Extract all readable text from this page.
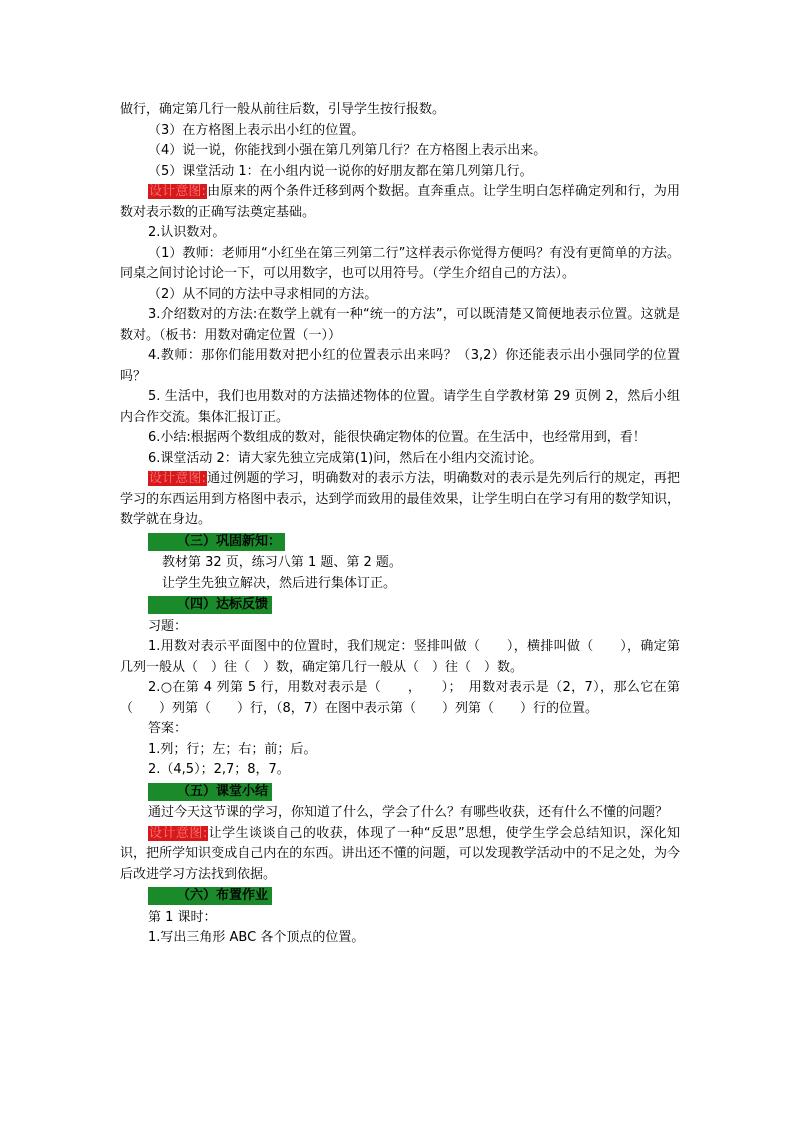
做行，确定第几行一般从前往后数，引导学生按行报数。

（3）在方格图上表示出小红的位置。

（4）说一说，你能找到小强在第几列第几行？在方格图上表示出来。

（5）课堂活动 1：在小组内说一说你的好朋友都在第几列第几行。

设计意图:由原来的两个条件迁移到两个数据。直奔重点。让学生明白怎样确定列和行，为用数对表示数的正确写法奠定基础。

2.认识数对。

（1）教师：老师用“小红坐在第三列第二行”这样表示你觉得方便吗？有没有更简单的方法。同桌之间讨论讨论一下，可以用数字，也可以用符号。（学生介绍自己的方法）。

（2）从不同的方法中寻求相同的方法。

3.介绍数对的方法:在数学上就有一种“统一的方法”，可以既清楚又简便地表示位置。这就是数对。（板书：用数对确定位置（一））

4.教师：那你们能用数对把小红的位置表示出来吗？（3,2）你还能表示出小强同学的位置吗？

5. 生活中，我们也用数对的方法描述物体的位置。请学生自学教材第 29 页例 2，然后小组内合作交流。集体汇报订正。

6.小结:根据两个数组成的数对，能很快确定物体的位置。在生活中，也经常用到，看！

6.课堂活动 2：请大家先独立完成第(1)问，然后在小组内交流讨论。

设计意图:通过例题的学习，明确数对的表示方法，明确数对的表示是先列后行的规定，再把学习的东西运用到方格图中表示，达到学而致用的最佳效果，让学生明白在学习有用的数学知识，数学就在身边。

（三）巩固新知：

教材第 32 页，练习八第 1 题、第 2 题。

让学生先独立解决，然后进行集体订正。

（四）达标反馈

习题：

1.用数对表示平面图中的位置时，我们规定：竖排叫做（　　），横排叫做（　　），确定第几列一般从（　）往（　）数，确定第几行一般从（　）往（　）数。

2.○在第 4 列第 5 行，用数对表示是（　　，　　）；　用数对表示是（2，7），那么它在第（　　）列第（　　）行，（8，7）在图中表示第（　　）列第（　　）行的位置。

答案：

1.列；行；左；右；前；后。

2.（4,5）；2,7；8，7。

（五）课堂小结

通过今天这节课的学习，你知道了什么，学会了什么？有哪些收获，还有什么不懂的问题？

设计意图:让学生谈谈自己的收获，体现了一种“反思”思想，使学生学会总结知识，深化知识，把所学知识变成自己内在的东西。讲出还不懂的问题，可以发现教学活动中的不足之处，为今后改进学习方法找到依据。

（六）布置作业

第 1 课时：

1.写出三角形 ABC 各个顶点的位置。
